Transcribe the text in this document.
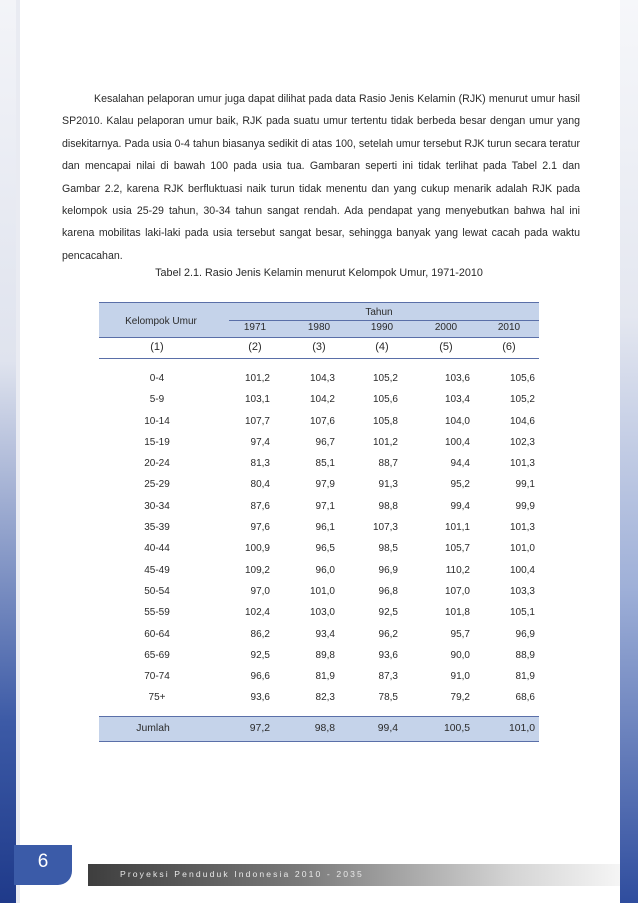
Kesalahan pelaporan umur juga dapat dilihat pada data Rasio Jenis Kelamin (RJK) menurut umur hasil SP2010. Kalau pelaporan umur baik, RJK pada suatu umur tertentu tidak berbeda besar dengan umur yang disekitarnya. Pada usia 0-4 tahun biasanya sedikit di atas 100, setelah umur tersebut RJK turun secara teratur dan mencapai nilai di bawah 100 pada usia tua. Gambaran seperti ini tidak terlihat pada Tabel 2.1 dan Gambar 2.2, karena RJK berfluktuasi naik turun tidak menentu dan yang cukup menarik adalah RJK pada kelompok usia 25-29 tahun, 30-34 tahun sangat rendah. Ada pendapat yang menyebutkan bahwa hal ini karena mobilitas laki-laki pada usia tersebut sangat besar, sehingga banyak yang lewat cacah pada waktu pencacahan.

Tabel 2.1. Rasio Jenis Kelamin menurut Kelompok Umur, 1971-2010

Kelompok Umur
Tahun
1971	1980	1990	2000	2010
(1)	(2)	(3)	(4)	(5)	(6)
0-4	101,2	104,3	105,2	103,6	105,6
5-9	103,1	104,2	105,6	103,4	105,2
10-14	107,7	107,6	105,8	104,0	104,6
15-19	97,4	96,7	101,2	100,4	102,3
20-24	81,3	85,1	88,7	94,4	101,3
25-29	80,4	97,9	91,3	95,2	99,1
30-34	87,6	97,1	98,8	99,4	99,9
35-39	97,6	96,1	107,3	101,1	101,3
40-44	100,9	96,5	98,5	105,7	101,0
45-49	109,2	96,0	96,9	110,2	100,4
50-54	97,0	101,0	96,8	107,0	103,3
55-59	102,4	103,0	92,5	101,8	105,1
60-64	86,2	93,4	96,2	95,7	96,9
65-69	92,5	89,8	93,6	90,0	88,9
70-74	96,6	81,9	87,3	91,0	81,9
75+	93,6	82,3	78,5	79,2	68,6
Jumlah	97,2	98,8	99,4	100,5	101,0
6
Proyeksi Penduduk Indonesia 2010 - 2035
